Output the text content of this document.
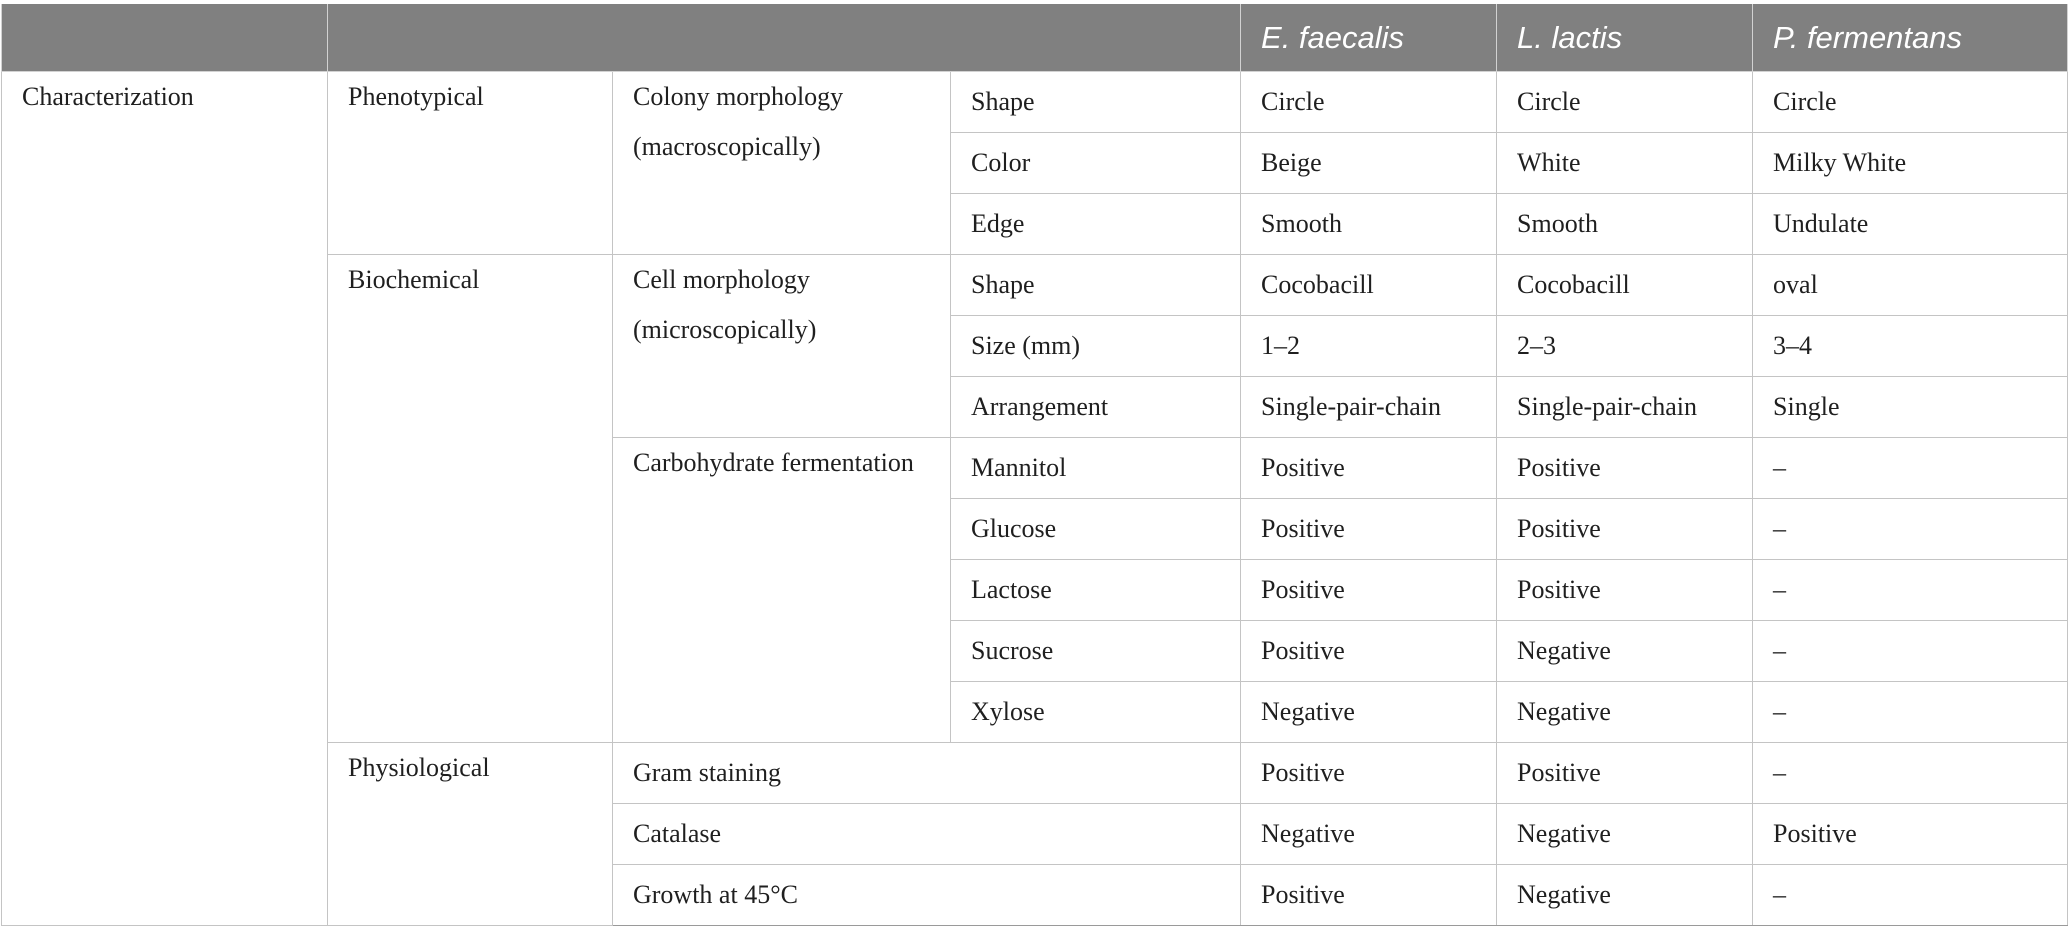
				E. faecalis	L. lactis	P. fermentans

Characterization	Phenotypical	Colony morphology (macroscopically)	Shape	Circle	Circle	Circle
			Color	Beige	White	Milky White
			Edge	Smooth	Smooth	Undulate

	Biochemical	Cell morphology (microscopically)	Shape	Cocobacill	Cocobacill	oval
			Size (mm)	1–2	2–3	3–4
			Arrangement	Single-pair-chain	Single-pair-chain	Single

		Carbohydrate fermentation	Mannitol	Positive	Positive	–
			Glucose	Positive	Positive	–
			Lactose	Positive	Positive	–
			Sucrose	Positive	Negative	–
			Xylose	Negative	Negative	–

	Physiological	Gram staining		Positive	Positive	–
		Catalase		Negative	Negative	Positive
		Growth at 45°C		Positive	Negative	–
